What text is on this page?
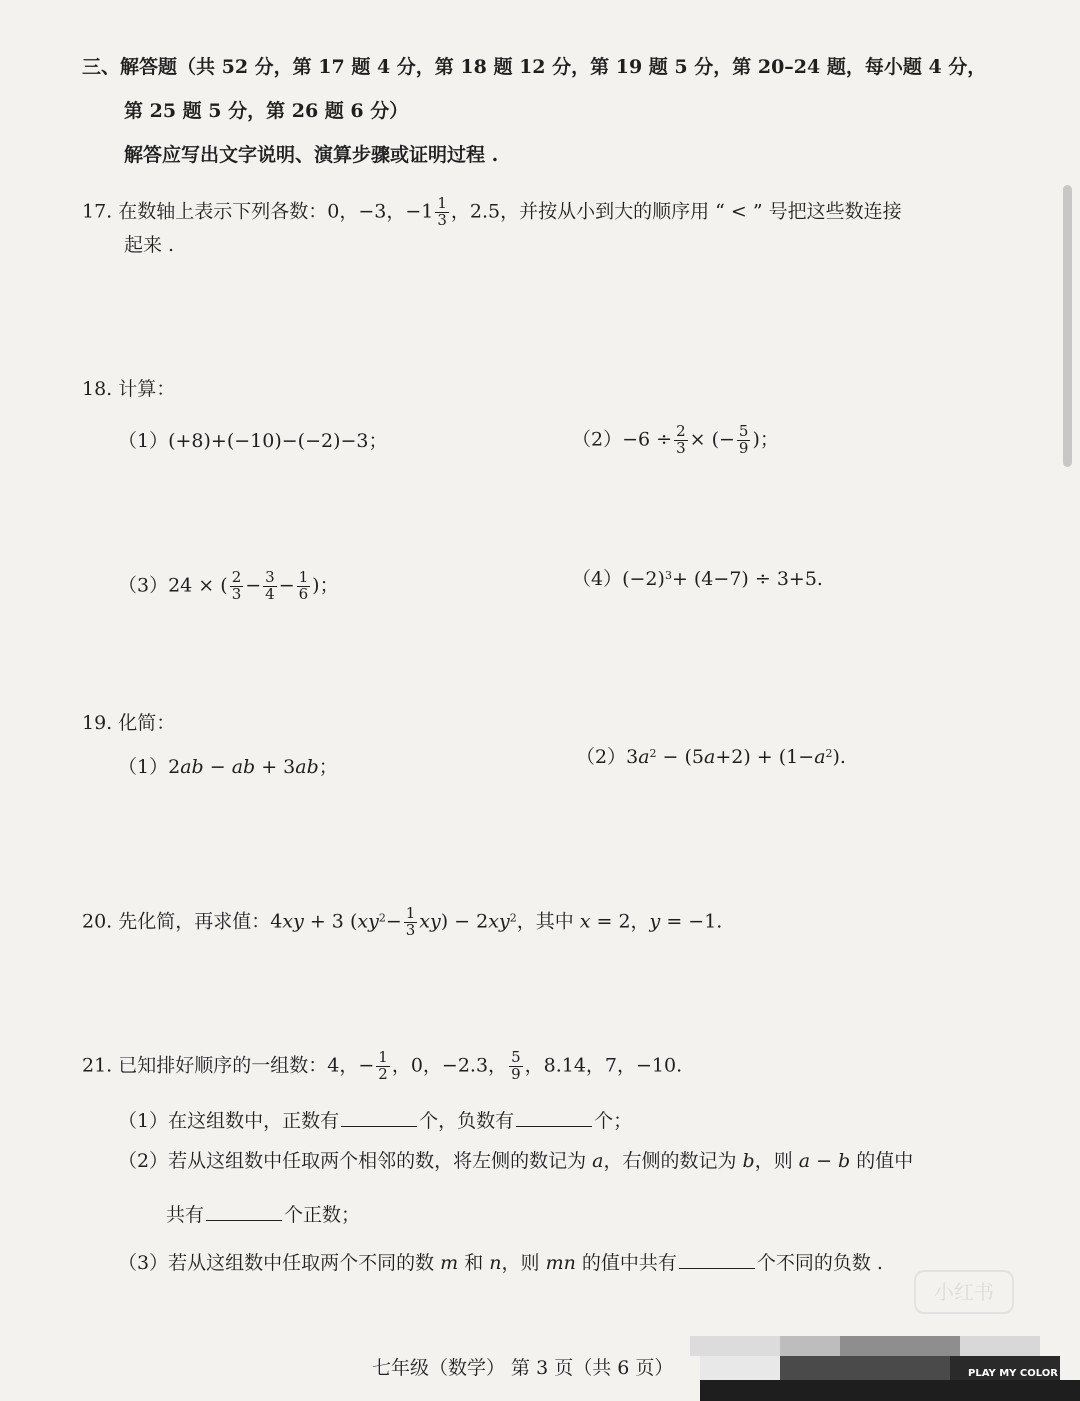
三、解答题（共 52 分，第 17 题 4 分，第 18 题 12 分，第 19 题 5 分，第 20–24 题，每小题 4 分，
第 25 题 5 分，第 26 题 6 分）
解答应写出文字说明、演算步骤或证明过程 .
17. 在数轴上表示下列各数：0，−3，$-1 \frac{1}{3}$ ，2.5，并按从小到大的顺序用 “ < ” 号把这些数连接
起来 .
18. 计算：
（1）(+8)+(−10)−(−2)−3；	$(2)-6 \div \frac{2}{3}$ × (− $\frac{5}{9}$ )；
（3）24 × ( $\frac{2}{3} - \frac{3}{4} - \frac{1}{6}$ )；	$(4)(-2)^3+ (4-7) \div 3+5$.
19. 化简：
（1）2ab − ab + 3ab；	$(2)3a^2 - (5a+2) + (1-a^2)$.
20. 先化简，再求值：4xy + 3 $(xy^2- \frac{1}{3} xy) - 2xy^2$，其中 x = 2，y = −1.
21. 已知排好顺序的一组数：4，− $\frac{1}{2}$ ，0，−2.3， $\frac{5}{9}$ ，8.14，7，−10.
（1）在这组数中，正数有	个，负数有	个；
（2）若从这组数中任取两个相邻的数，将左侧的数记为 a，右侧的数记为 b，则 a − b 的值中
共有	个正数；
（3）若从这组数中任取两个不同的数 m 和 n，则 mn 的值中共有	个不同的负数 .
七年级（数学） 第 3 页（共 6 页）
小红书
PLAY MY COLOR
